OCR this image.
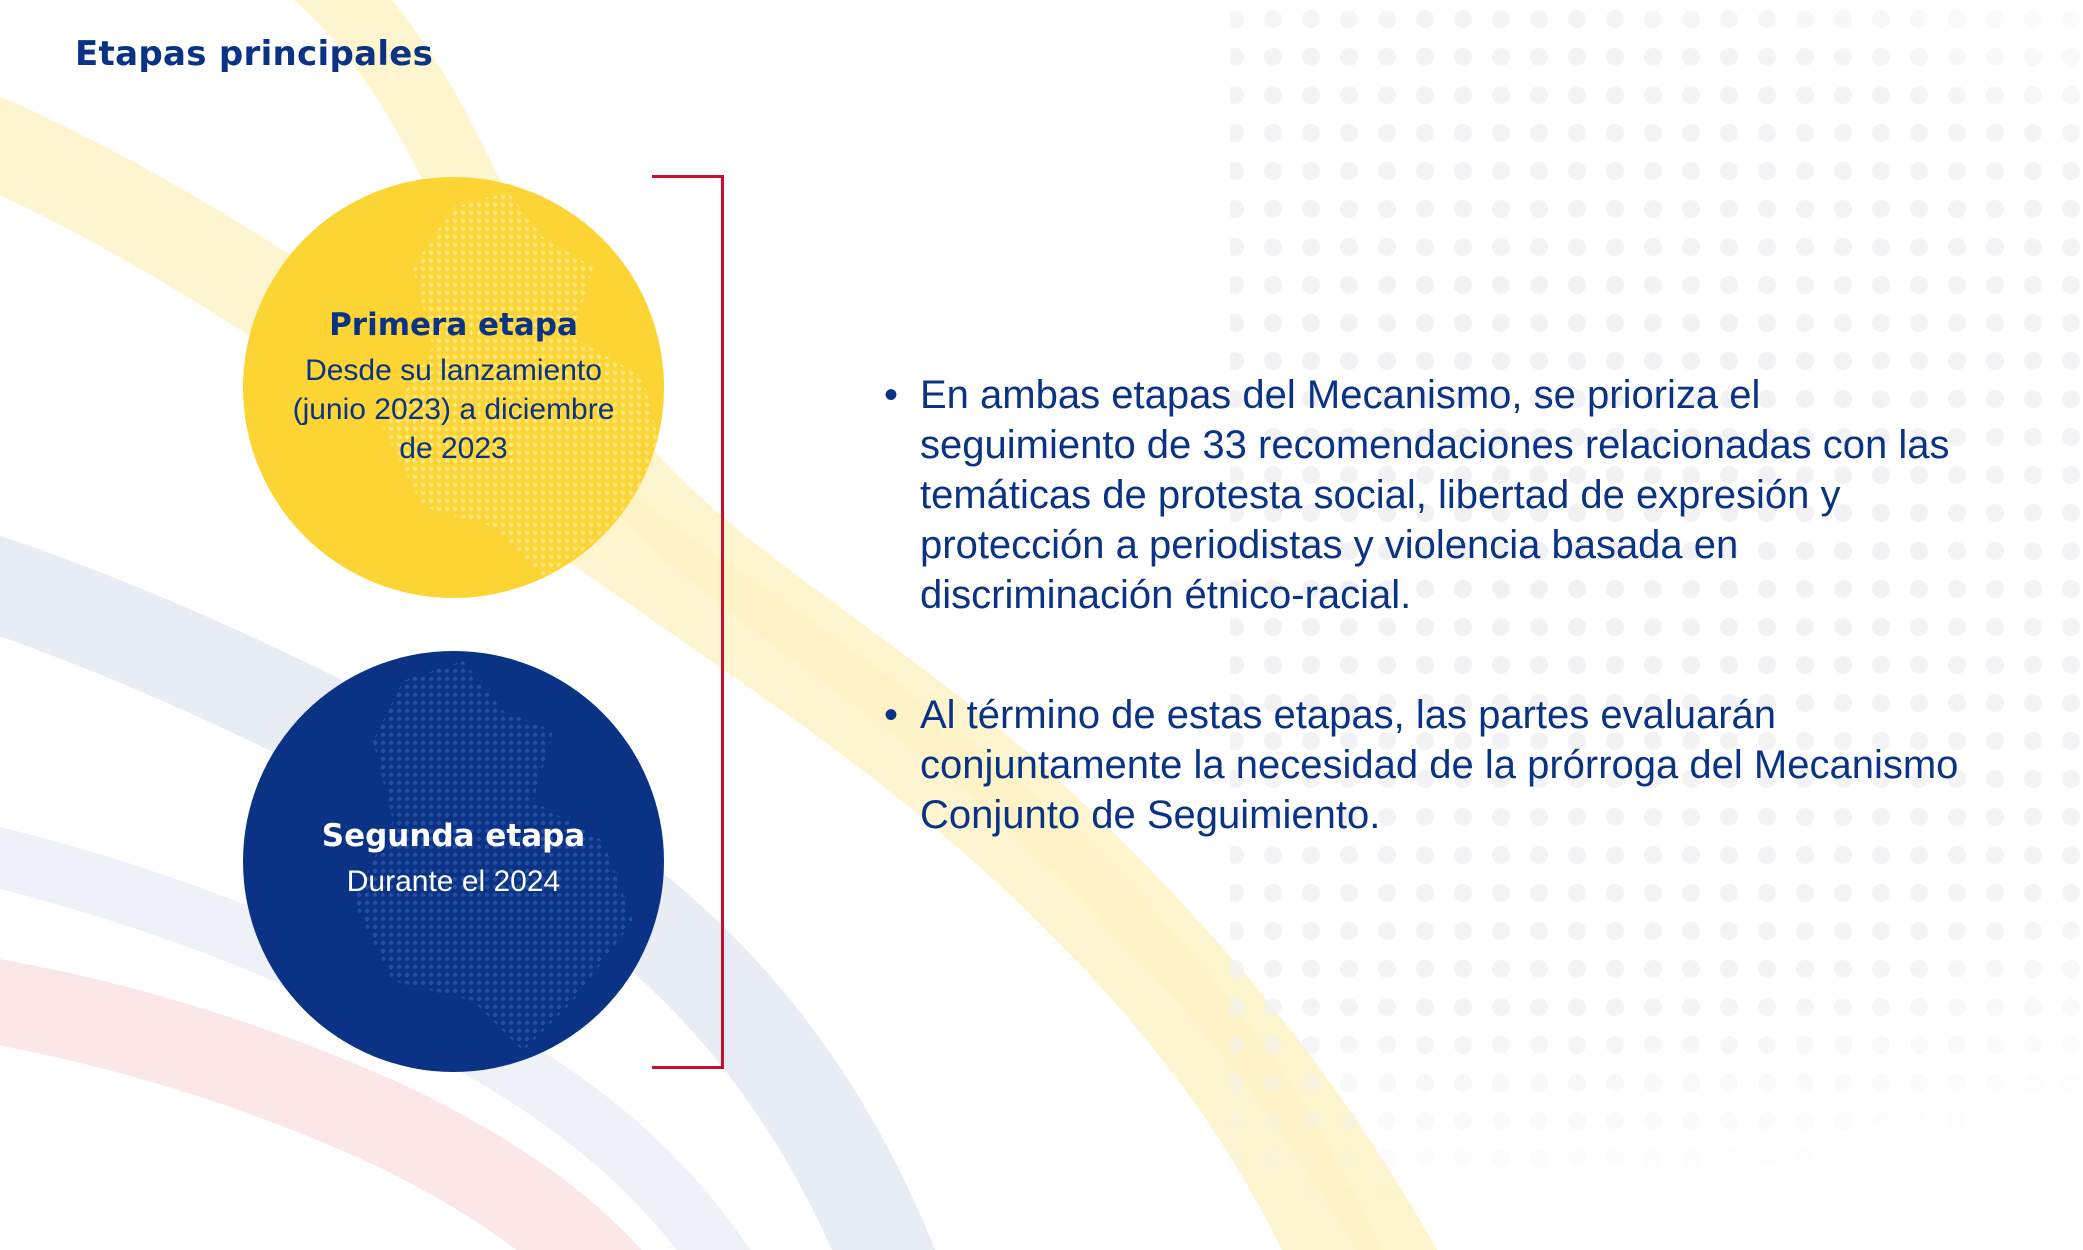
Etapas principales
Primera etapa
Desde su lanzamiento (junio 2023) a diciembre de 2023
Segunda etapa
Durante el 2024
• En ambas etapas del Mecanismo, se prioriza el seguimiento de 33 recomendaciones relacionadas con las temáticas de protesta social, libertad de expresión y protección a periodistas y violencia basada en discriminación étnico-racial.
• Al término de estas etapas, las partes evaluarán conjuntamente la necesidad de la prórroga del Mecanismo Conjunto de Seguimiento.
